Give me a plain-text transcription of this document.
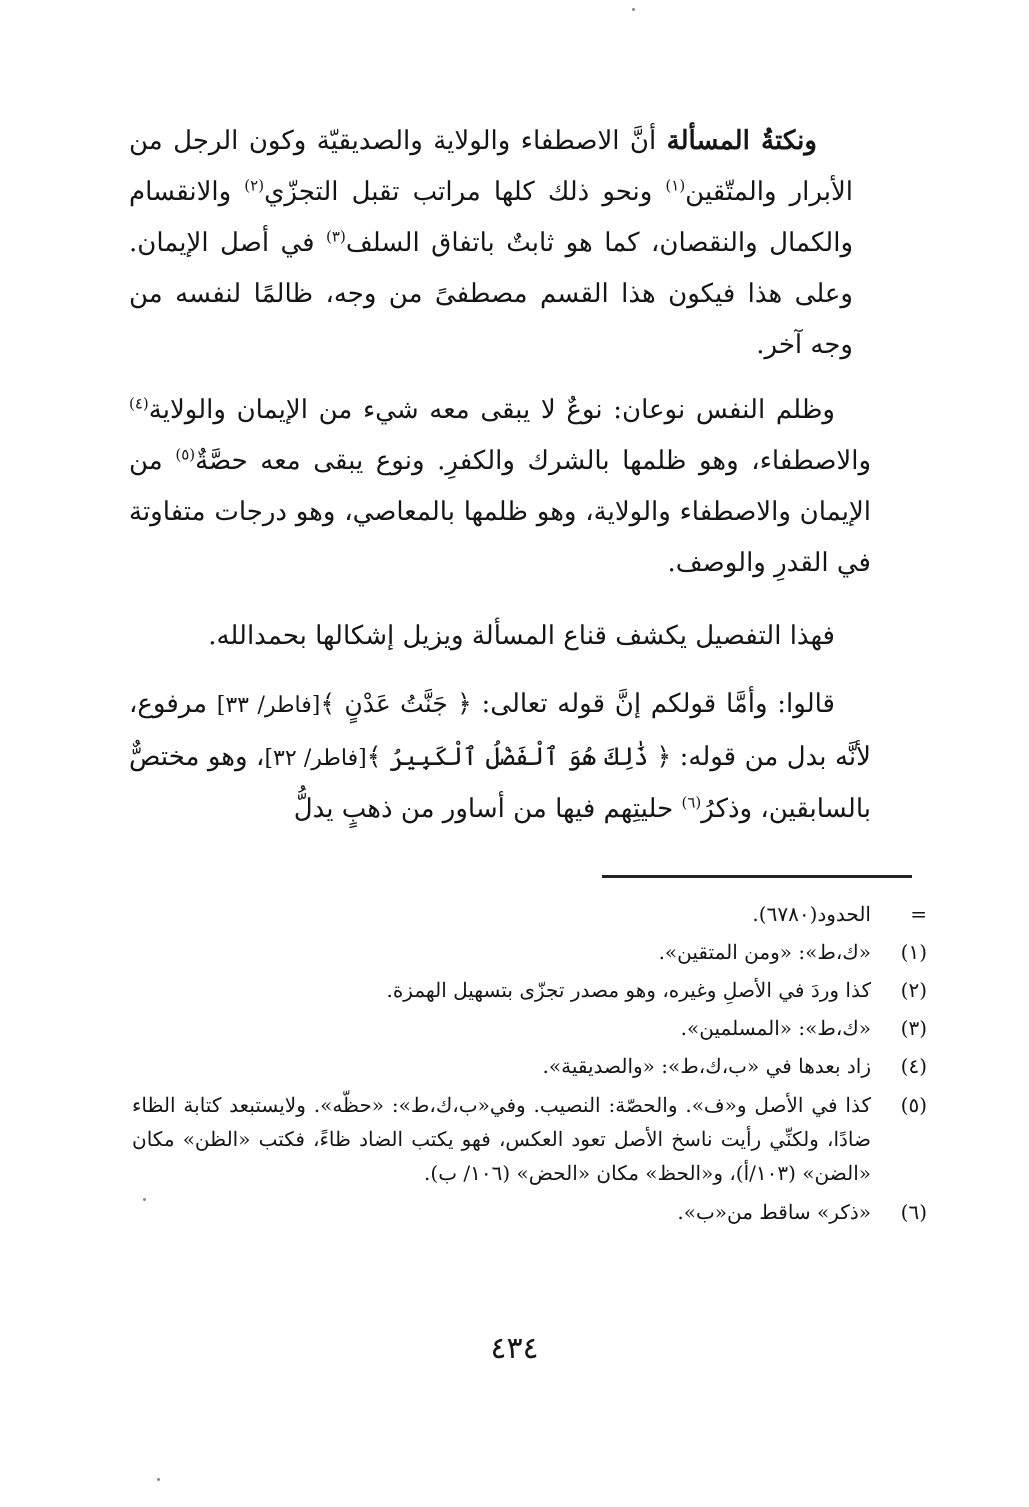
ونكتةُ المسألة أنَّ الاصطفاء والولاية والصديقيّة وكون الرجل من الأبرار والمتّقين$^{(١)}$ ونحو ذلك كلها مراتب تقبل التجزّي$^{(٢)}$ والانقسام والكمال والنقصان، كما هو ثابتٌ باتفاق السلف$^{(٣)}$ في أصل الإيمان. وعلى هذا فيكون هذا القسم مصطفىً من وجه، ظالمًا لنفسه من وجه آخر.

وظلم النفس نوعان: نوعٌ لا يبقى معه شيء من الإيمان والولاية$^{(٤)}$ والاصطفاء، وهو ظلمها بالشرك والكفرِ. ونوع يبقى معه حصَّةٌ$^{(٥)}$ من الإيمان والاصطفاء والولاية، وهو ظلمها بالمعاصي، وهو درجات متفاوتة في القدرِ والوصف.

فهذا التفصيل يكشف قناع المسألة ويزيل إشكالها بحمدالله.

قالوا: وأمَّا قولكم إنَّ قوله تعالى: ﴿ جَنَّتُ عَدْنٍ ﴾[فاطر/ ٣٣] مرفوع، لأنَّه بدل من قوله: ﴿ ذَٰلِكَ هُوَ ٱلْفَضْلُ ٱلْكَبِيرُ ﴾[فاطر/ ٣٢]، وهو مختصٌّ بالسابقين، وذكرُ$^{(٦)}$ حليتِهم فيها من أساور من ذهبٍ يدلُّ

=
الحدود(٦٧٨٠).
(١)
«ك،ط»: «ومن المتقين».
(٢)
كذا وردَ في الأصلِ وغيره، وهو مصدر تجزّى بتسهيل الهمزة.
(٣)
«ك،ط»: «المسلمين».
(٤)
زاد بعدها في «ب،ك،ط»: «والصديقية».
(٥)
كذا في الأصل و«ف». والحصّة: النصيب. وفي«ب،ك،ط»: «حظّه». ولايستبعد كتابة الظاء ضادًا، ولكنِّي رأيت ناسخ الأصل تعود العكس، فهو يكتب الضاد ظاءً، فكتب «الظن» مكان «الضن» (١٠٣/أ)، و«الحظ» مكان «الحض» (١٠٦/ ب).
(٦)
«ذكر» ساقط من«ب».
٤٣٤
